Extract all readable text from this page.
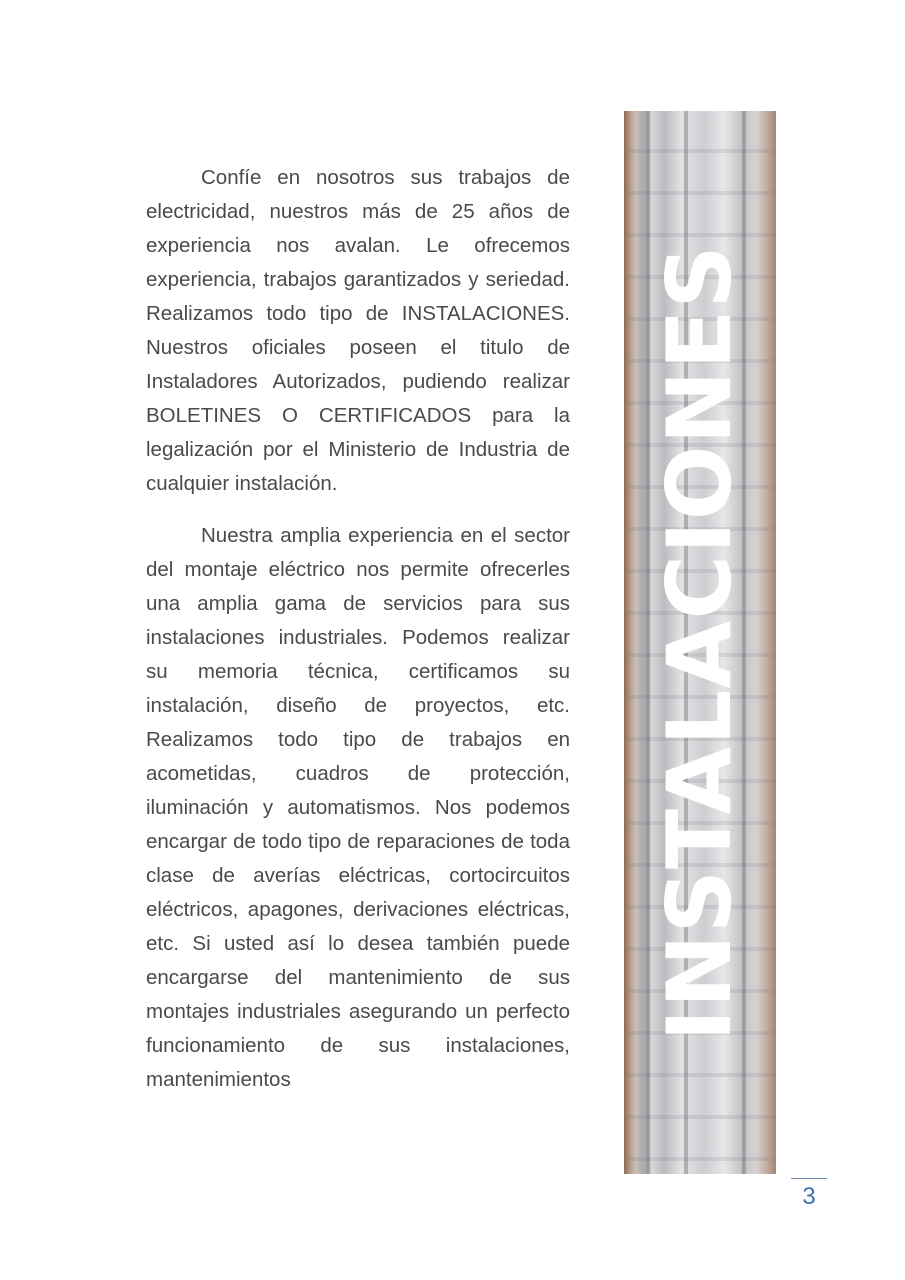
Confíe en nosotros sus trabajos de electricidad, nuestros más de 25 años de experiencia nos avalan. Le ofrecemos experiencia, trabajos garantizados y seriedad. Realizamos todo tipo de INSTALACIONES. Nuestros oficiales poseen el titulo de Instaladores Autorizados, pudiendo realizar BOLETINES O CERTIFICADOS para la legalización por el Ministerio de Industria de cualquier instalación.

Nuestra amplia experiencia en el sector del montaje eléctrico nos permite ofrecerles una amplia gama de servicios para sus instalaciones industriales. Podemos realizar su memoria técnica, certificamos su instalación, diseño de proyectos, etc. Realizamos todo tipo de trabajos en acometidas, cuadros de protección, iluminación y automatismos. Nos podemos encargar de todo tipo de reparaciones de toda clase de averías eléctricas, cortocircuitos eléctricos, apagones, derivaciones eléctricas, etc. Si usted así lo desea también puede encargarse del mantenimiento de sus montajes industriales asegurando un perfecto funcionamiento de sus instalaciones, mantenimientos

INSTALACIONES
3
